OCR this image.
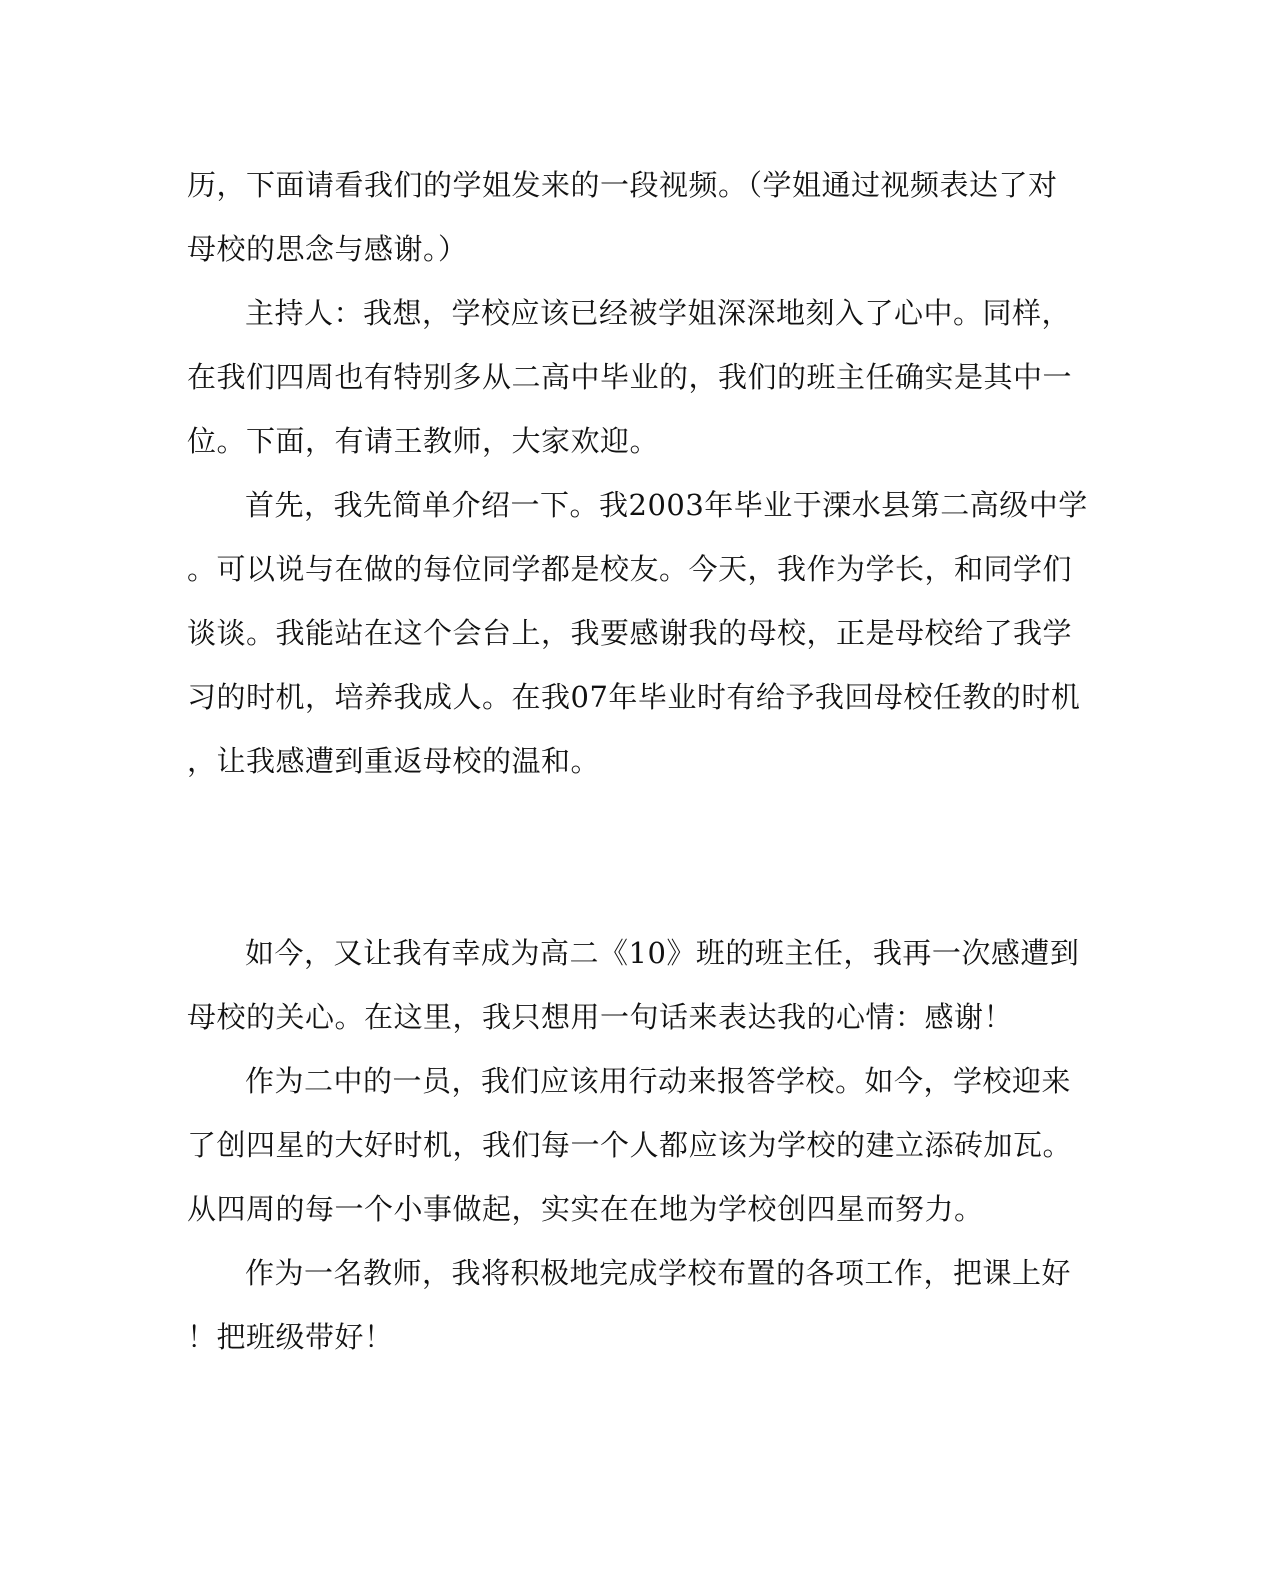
历，下面请看我们的学姐发来的一段视频。（学姐通过视频表达了对
母校的思念与感谢。）
主持人：我想，学校应该已经被学姐深深地刻入了心中。同样，
在我们四周也有特别多从二高中毕业的，我们的班主任确实是其中一
位。下面，有请王教师，大家欢迎。
首先，我先简单介绍一下。我2003年毕业于溧水县第二高级中学
。可以说与在做的每位同学都是校友。今天，我作为学长，和同学们
谈谈。我能站在这个会台上，我要感谢我的母校，正是母校给了我学
习的时机，培养我成人。在我07年毕业时有给予我回母校任教的时机
，让我感遭到重返母校的温和。
如今，又让我有幸成为高二《10》班的班主任，我再一次感遭到
母校的关心。在这里，我只想用一句话来表达我的心情：感谢！
作为二中的一员，我们应该用行动来报答学校。如今，学校迎来
了创四星的大好时机，我们每一个人都应该为学校的建立添砖加瓦。
从四周的每一个小事做起，实实在在地为学校创四星而努力。
作为一名教师，我将积极地完成学校布置的各项工作，把课上好
！把班级带好！
